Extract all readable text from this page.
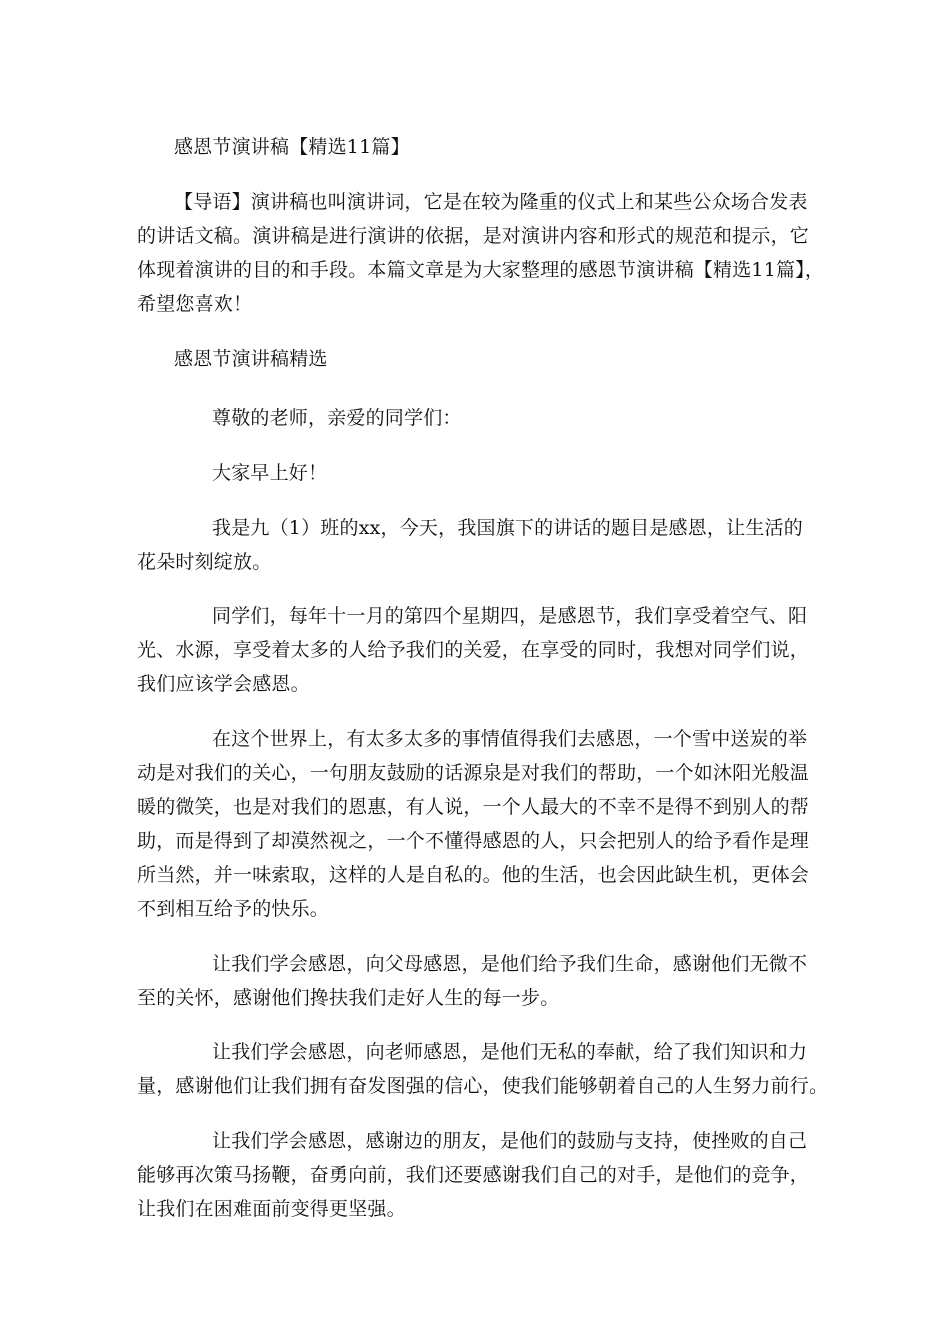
感恩节演讲稿【精选11篇】
【导语】演讲稿也叫演讲词，它是在较为隆重的仪式上和某些公众场合发表
的讲话文稿。演讲稿是进行演讲的依据，是对演讲内容和形式的规范和提示，它
体现着演讲的目的和手段。本篇文章是为大家整理的感恩节演讲稿【精选11篇】，
希望您喜欢！
感恩节演讲稿精选
尊敬的老师，亲爱的同学们：
大家早上好！
我是九（1）班的xx，今天，我国旗下的讲话的题目是感恩，让生活的
花朵时刻绽放。
同学们，每年十一月的第四个星期四，是感恩节，我们享受着空气、阳
光、水源，享受着太多的人给予我们的关爱，在享受的同时，我想对同学们说，
我们应该学会感恩。
在这个世界上，有太多太多的事情值得我们去感恩，一个雪中送炭的举
动是对我们的关心，一句朋友鼓励的话源泉是对我们的帮助，一个如沐阳光般温
暖的微笑，也是对我们的恩惠，有人说，一个人最大的不幸不是得不到别人的帮
助，而是得到了却漠然视之，一个不懂得感恩的人，只会把别人的给予看作是理
所当然，并一味索取，这样的人是自私的。他的生活，也会因此缺生机，更体会
不到相互给予的快乐。
让我们学会感恩，向父母感恩，是他们给予我们生命，感谢他们无微不
至的关怀，感谢他们搀扶我们走好人生的每一步。
让我们学会感恩，向老师感恩，是他们无私的奉献，给了我们知识和力
量，感谢他们让我们拥有奋发图强的信心，使我们能够朝着自己的人生努力前行。
让我们学会感恩，感谢边的朋友，是他们的鼓励与支持，使挫败的自己
能够再次策马扬鞭，奋勇向前，我们还要感谢我们自己的对手，是他们的竞争，
让我们在困难面前变得更坚强。
